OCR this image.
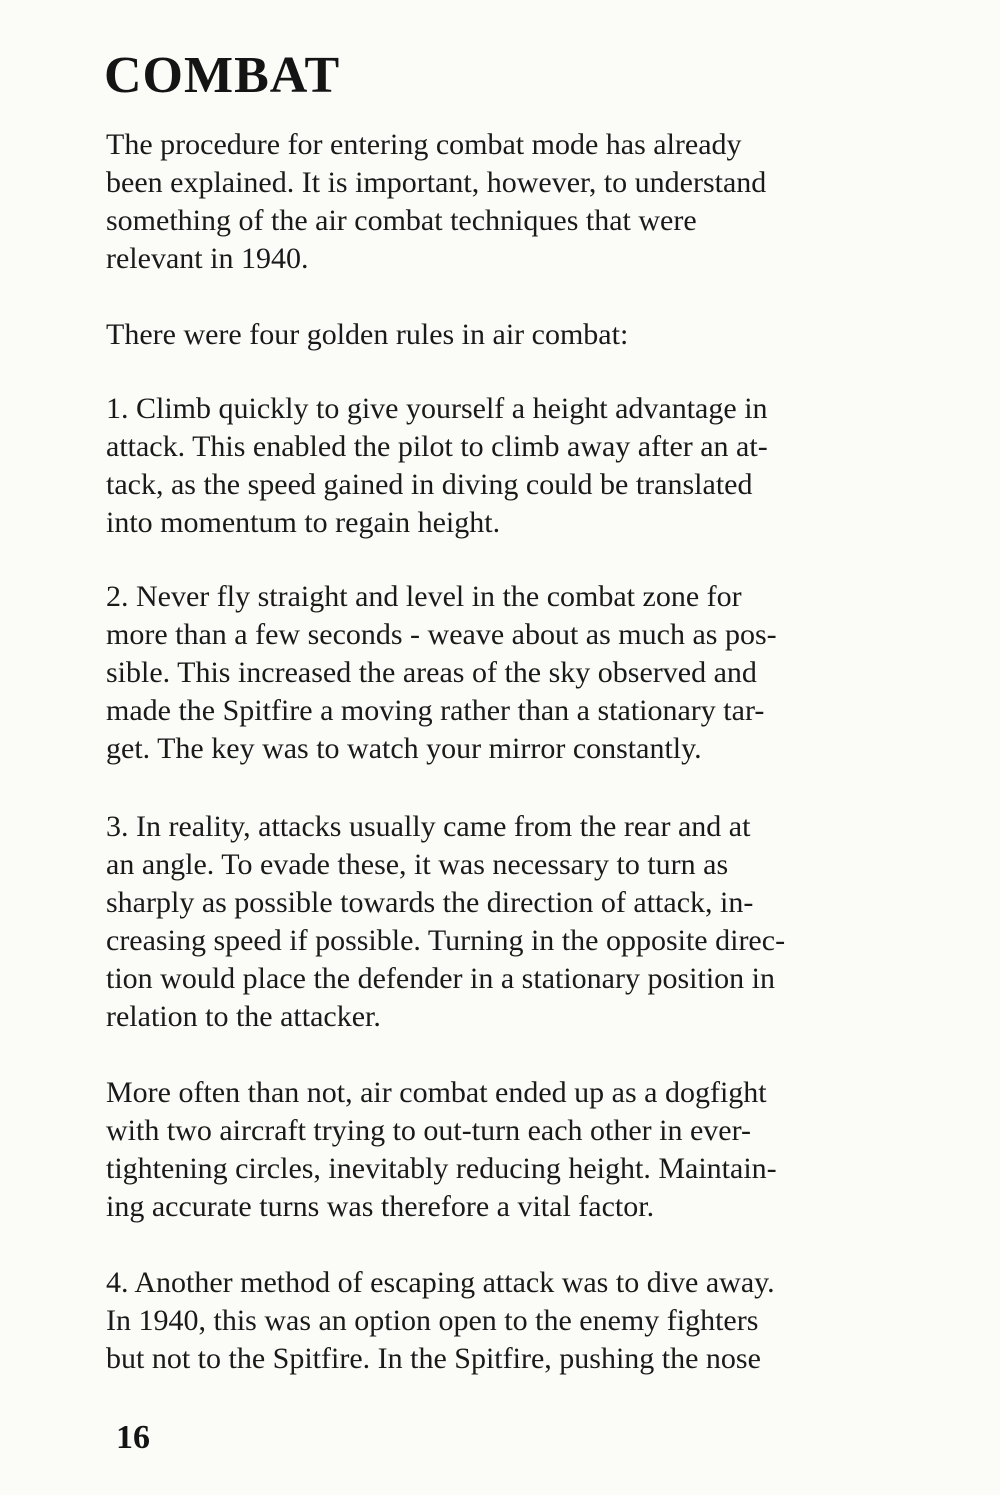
COMBAT

The procedure for entering combat mode has already
been explained. It is important, however, to understand
something of the air combat techniques that were
relevant in 1940.

There were four golden rules in air combat:

1. Climb quickly to give yourself a height advantage in
attack. This enabled the pilot to climb away after an at-
tack, as the speed gained in diving could be translated
into momentum to regain height.

2. Never fly straight and level in the combat zone for
more than a few seconds - weave about as much as pos-
sible. This increased the areas of the sky observed and
made the Spitfire a moving rather than a stationary tar-
get. The key was to watch your mirror constantly.

3. In reality, attacks usually came from the rear and at
an angle. To evade these, it was necessary to turn as
sharply as possible towards the direction of attack, in-
creasing speed if possible. Turning in the opposite direc-
tion would place the defender in a stationary position in
relation to the attacker.

More often than not, air combat ended up as a dogfight
with two aircraft trying to out-turn each other in ever-
tightening circles, inevitably reducing height. Maintain-
ing accurate turns was therefore a vital factor.

4. Another method of escaping attack was to dive away.
In 1940, this was an option open to the enemy fighters
but not to the Spitfire. In the Spitfire, pushing the nose

16
